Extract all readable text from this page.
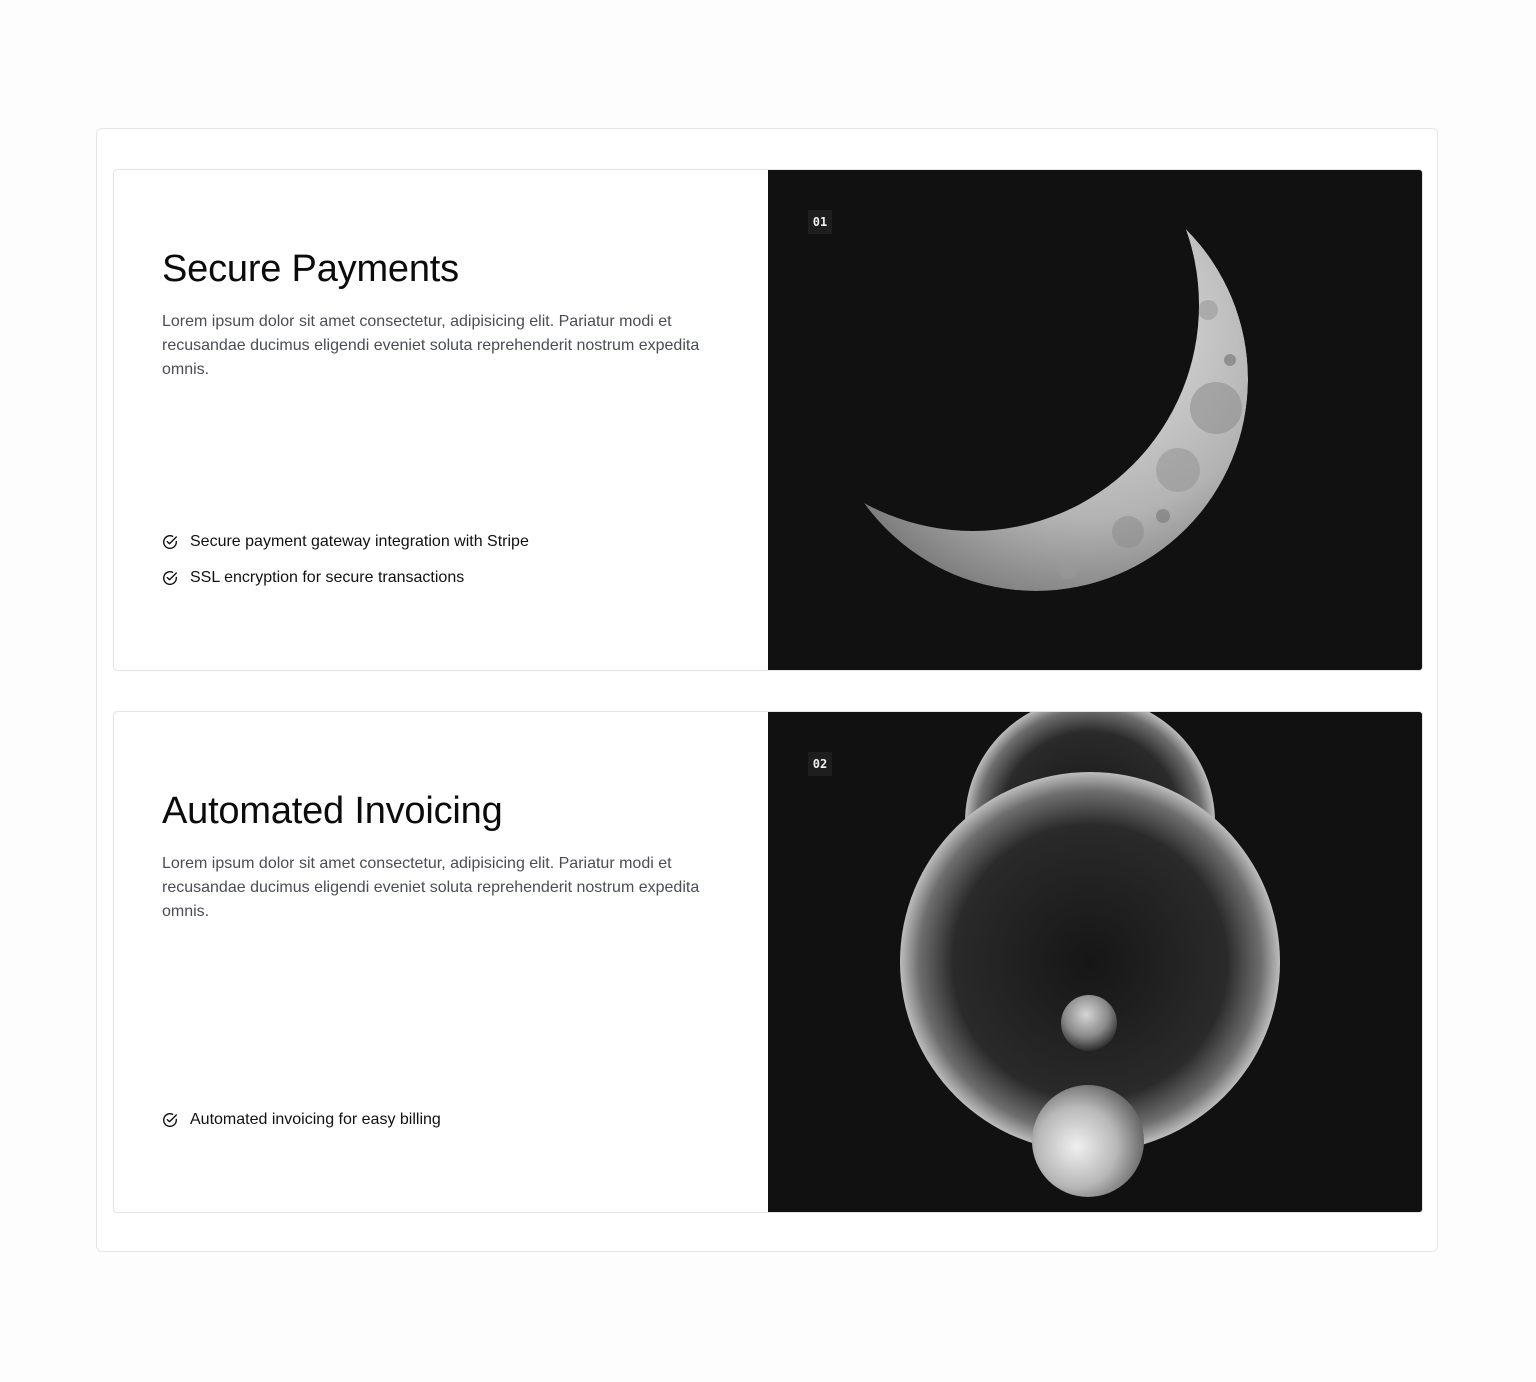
Secure Payments

Lorem ipsum dolor sit amet consectetur, adipisicing elit. Pariatur modi et recusandae ducimus eligendi eveniet soluta reprehenderit nostrum expedita omnis.

Secure payment gateway integration with Stripe
SSL encryption for secure transactions
01
Automated Invoicing

Lorem ipsum dolor sit amet consectetur, adipisicing elit. Pariatur modi et recusandae ducimus eligendi eveniet soluta reprehenderit nostrum expedita omnis.

Automated invoicing for easy billing
02
